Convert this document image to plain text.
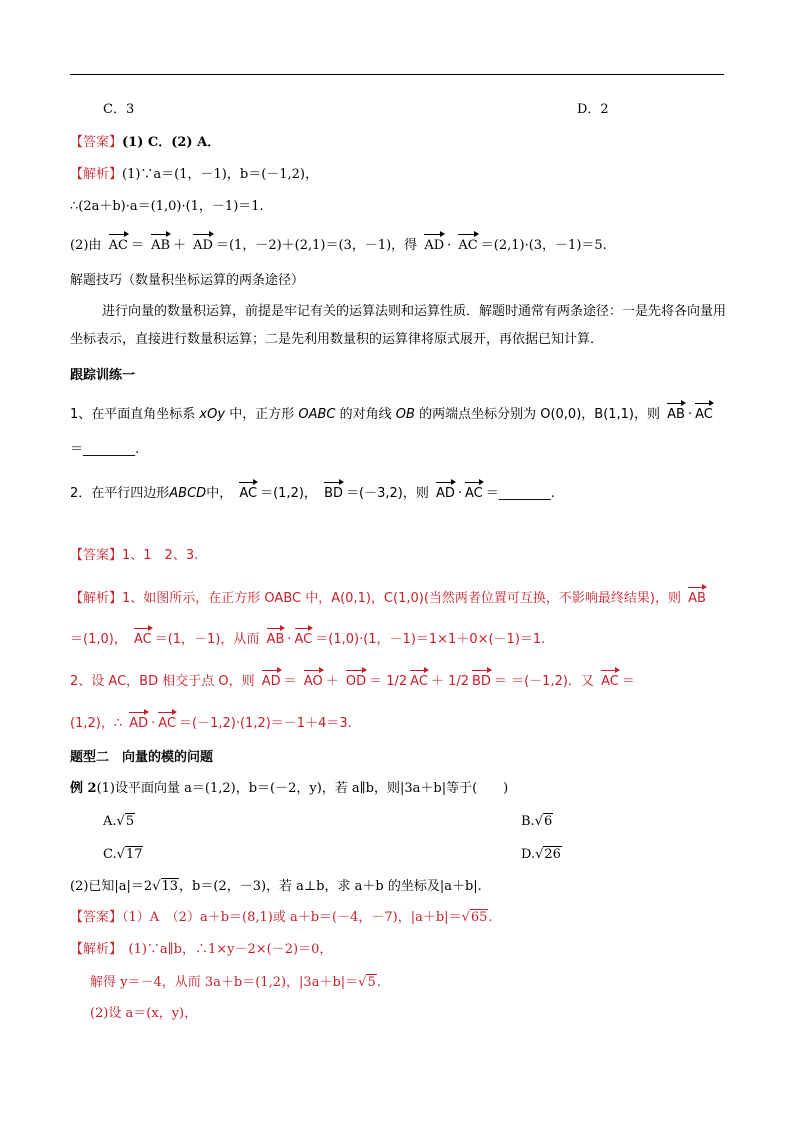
C．3	D．2
【答案】(1) C．(2) A．
【解析】(1)∵a＝(1，－1)，b＝(－1,2)，
∴(2a＋b)·a＝(1,0)·(1，－1)＝1.
(2)由 AC ＝ AB ＋ AD ＝(1，－2)＋(2,1)＝(3，－1)，得 AD · AC ＝(2,1)·(3，－1)＝5.
解题技巧（数量积坐标运算的两条途径）
进行向量的数量积运算，前提是牢记有关的运算法则和运算性质．解题时通常有两条途径：一是先将各向量用坐标表示，直接进行数量积运算；二是先利用数量积的运算律将原式展开，再依据已知计算．
跟踪训练一
1、在平面直角坐标系 xOy 中，正方形 OABC 的对角线 OB 的两端点坐标分别为 O(0,0)，B(1,1)，则 AB · AC
＝________.
2．在平行四边形ABCD中， AC ＝(1,2)， BD ＝(－3,2)，则 AD · AC ＝________.
【答案】1、1　2、3.
【解析】1、如图所示，在正方形 OABC 中，A(0,1)，C(1,0)(当然两者位置可互换，不影响最终结果)，则 AB
＝(1,0)， AC ＝(1，－1)，从而 AB · AC ＝(1,0)·(1，－1)＝1×1＋0×(－1)＝1.
2、设 AC，BD 相交于点 O，则 AD ＝ AO ＋ OD ＝ 1/2 AC ＋ 1/2 BD ＝ ＝(－1,2)．又 AC ＝
(1,2)，∴ AD · AC ＝(－1,2)·(1,2)＝－1＋4＝3.
题型二　向量的模的问题
例 2(1)设平面向量 a＝(1,2)，b＝(－2，y)，若 a∥b，则|3a＋b|等于(　　)
A.√5	B.√6
C.√17	D.√26
(2)已知|a|＝2√13，b＝(2，－3)，若 a⊥b，求 a＋b 的坐标及|a＋b|.
【答案】（1）A　（2）a＋b＝(8,1)或 a＋b＝(－4，－7)，|a＋b|＝√65.
【解析】　(1)∵a∥b，∴1×y－2×(－2)＝0，
解得 y＝－4，从而 3a＋b＝(1,2)，|3a＋b|＝√5.
(2)设 a＝(x，y)，
